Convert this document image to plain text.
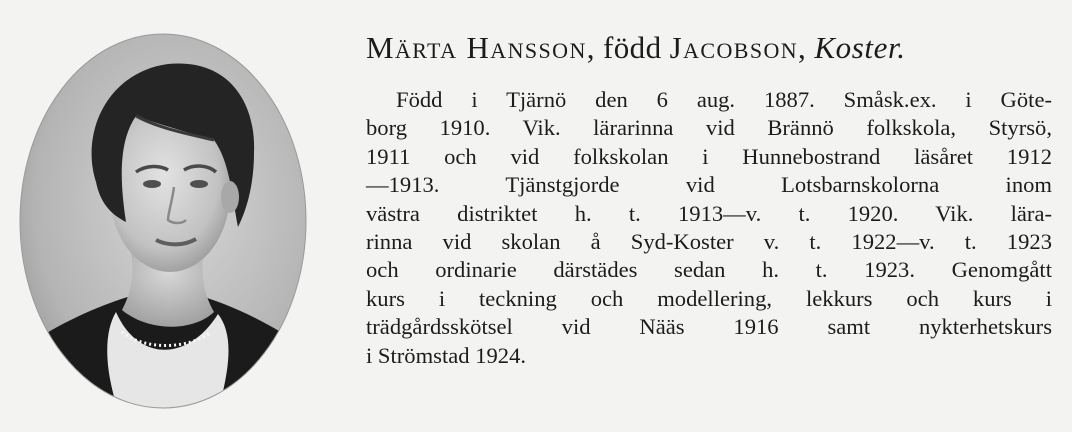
Märta Hansson, född Jacobson, Koster.
Född i Tjärnö den 6 aug. 1887. Småsk.ex. i Göte-
borg 1910. Vik. lärarinna vid Brännö folkskola, Styrsö,
1911 och vid folkskolan i Hunnebostrand läsåret 1912
—1913. Tjänstgjorde vid Lotsbarnskolorna inom
västra distriktet h. t. 1913—v. t. 1920. Vik. lära-
rinna vid skolan å Syd-Koster v. t. 1922—v. t. 1923
och ordinarie därstädes sedan h. t. 1923. Genomgått
kurs i teckning och modellering, lekkurs och kurs i
trädgårdsskötsel vid Nääs 1916 samt nykterhetskurs
i Strömstad 1924.
